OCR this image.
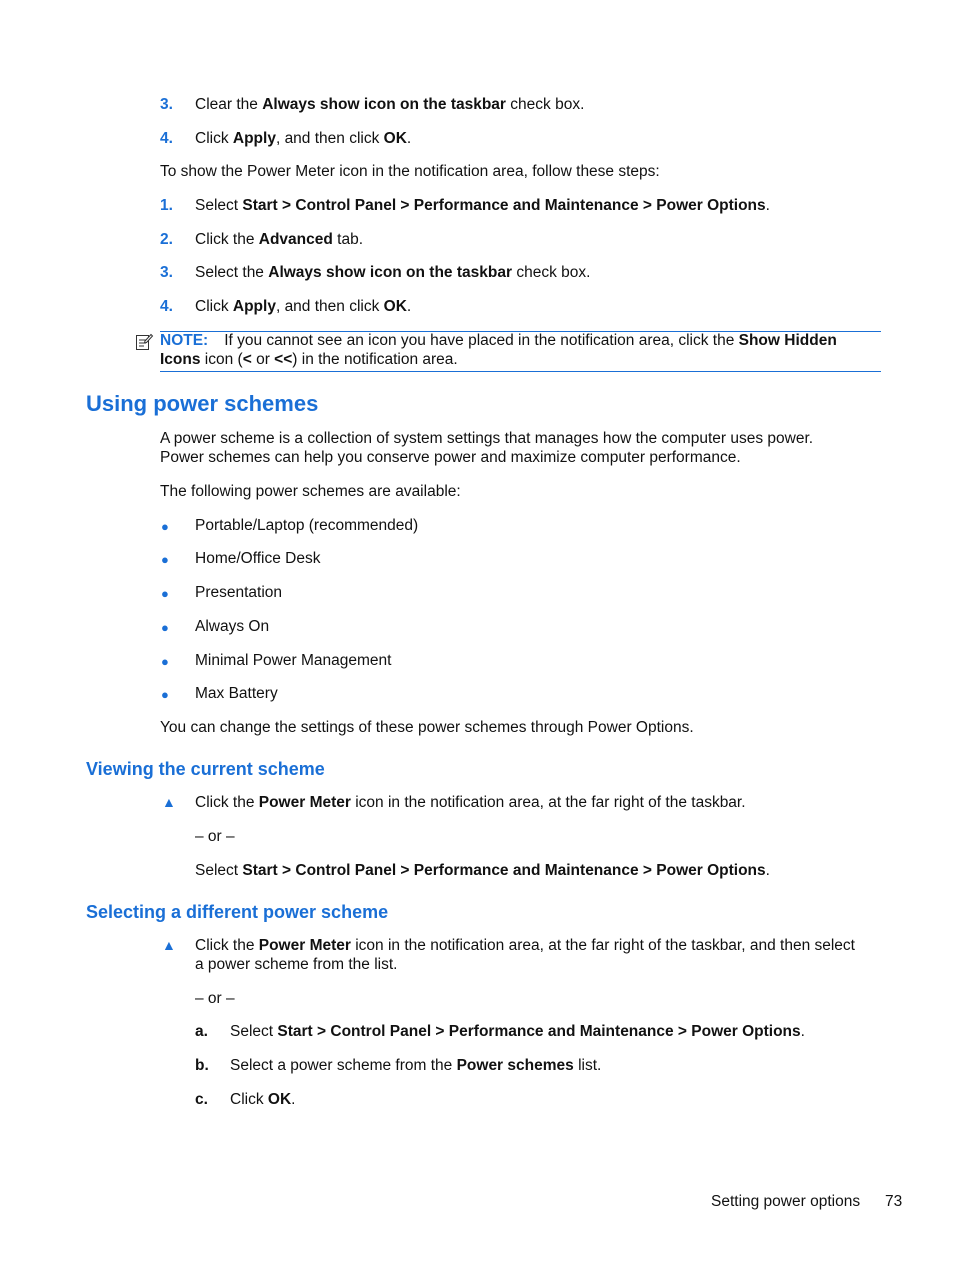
3. Clear the Always show icon on the taskbar check box.
4. Click Apply, and then click OK.
To show the Power Meter icon in the notification area, follow these steps:
1. Select Start > Control Panel > Performance and Maintenance > Power Options.
2. Click the Advanced tab.
3. Select the Always show icon on the taskbar check box.
4. Click Apply, and then click OK.
NOTE: If you cannot see an icon you have placed in the notification area, click the Show Hidden
Icons icon (< or <<) in the notification area.
Using power schemes
A power scheme is a collection of system settings that manages how the computer uses power.
Power schemes can help you conserve power and maximize computer performance.
The following power schemes are available:
● Portable/Laptop (recommended)
● Home/Office Desk
● Presentation
● Always On
● Minimal Power Management
● Max Battery
You can change the settings of these power schemes through Power Options.
Viewing the current scheme
▲ Click the Power Meter icon in the notification area, at the far right of the taskbar.
– or –
Select Start > Control Panel > Performance and Maintenance > Power Options.
Selecting a different power scheme
▲ Click the Power Meter icon in the notification area, at the far right of the taskbar, and then select
a power scheme from the list.
– or –
a. Select Start > Control Panel > Performance and Maintenance > Power Options.
b. Select a power scheme from the Power schemes list.
c. Click OK.
Setting power options 73
